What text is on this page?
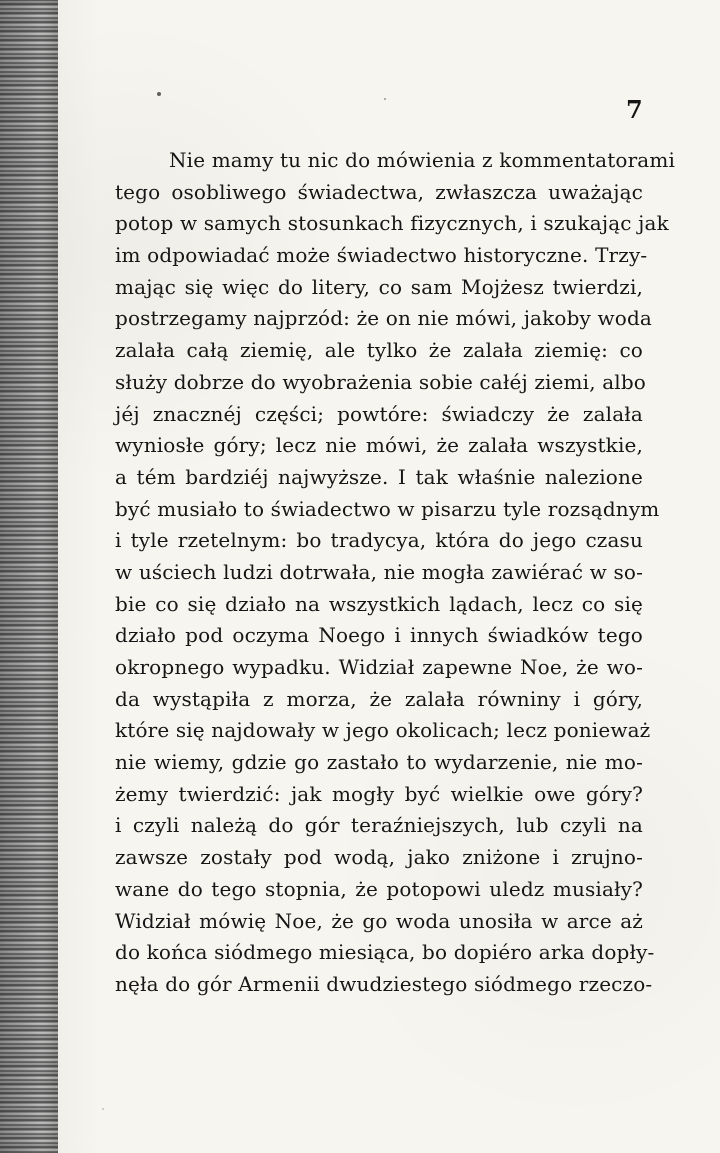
7
Nie mamy tu nic do mówienia z kommentatorami
tego osobliwego świadectwa, zwłaszcza uważając
potop w samych stosunkach fizycznych, i szukając jak
im odpowiadać może świadectwo historyczne. Trzy-
mając się więc do litery, co sam Mojżesz twierdzi,
postrzegamy najprzód: że on nie mówi, jakoby woda
zalała całą ziemię, ale tylko że zalała ziemię: co
służy dobrze do wyobrażenia sobie całéj ziemi, albo
jéj znacznéj części; powtóre: świadczy że zalała
wyniosłe góry; lecz nie mówi, że zalała wszystkie,
a tém bardziéj najwyższe. I tak właśnie nalezione
być musiało to świadectwo w pisarzu tyle rozsądnym
i tyle rzetelnym: bo tradycya, która do jego czasu
w uściech ludzi dotrwała, nie mogła zawiérać w so-
bie co się działo na wszystkich lądach, lecz co się
działo pod oczyma Noego i innych świadków tego
okropnego wypadku. Widział zapewne Noe, że wo-
da wystąpiła z morza, że zalała równiny i góry,
które się najdowały w jego okolicach; lecz ponieważ
nie wiemy, gdzie go zastało to wydarzenie, nie mo-
żemy twierdzić: jak mogły być wielkie owe góry?
i czyli należą do gór teraźniejszych, lub czyli na
zawsze zostały pod wodą, jako zniżone i zrujno-
wane do tego stopnia, że potopowi uledz musiały?
Widział mówię Noe, że go woda unosiła w arce aż
do końca siódmego miesiąca, bo dopiéro arka dopły-
nęła do gór Armenii dwudziestego siódmego rzeczo-
